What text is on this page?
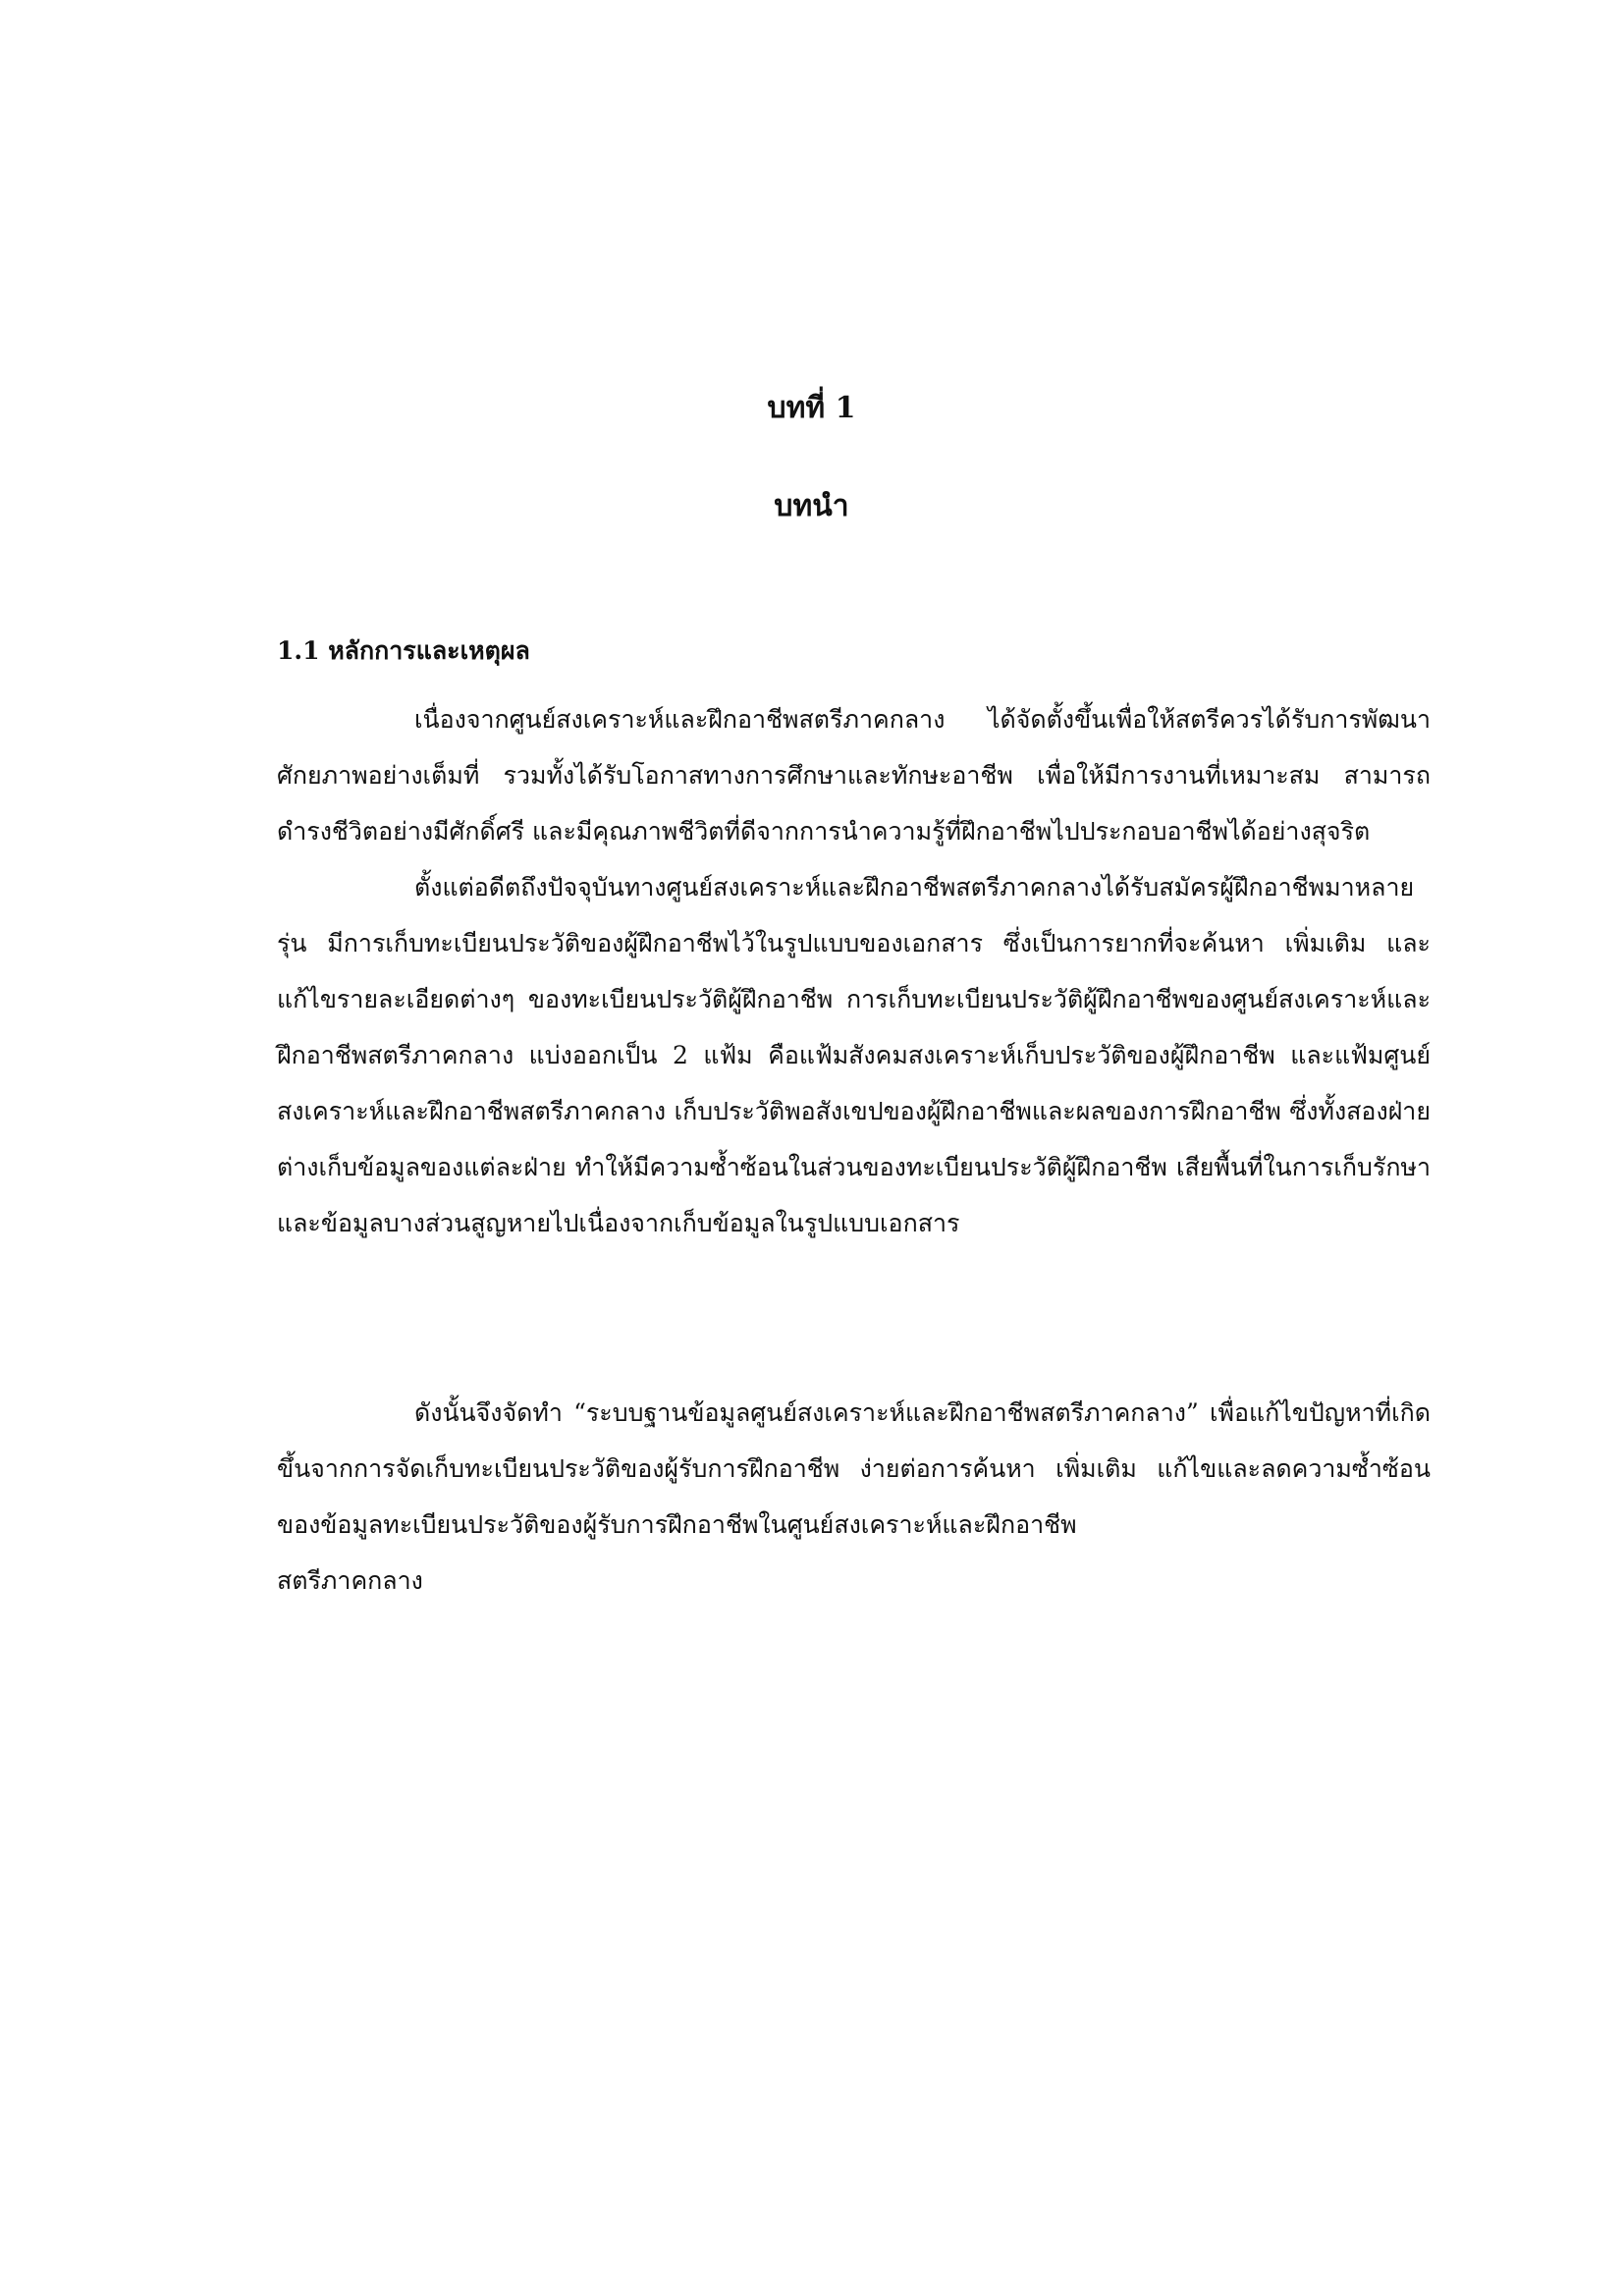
บทที่ 1
บทนำ
1.1 หลักการและเหตุผล

เนื่องจากศูนย์สงเคราะห์และฝึกอาชีพสตรีภาคกลาง ได้จัดตั้งขึ้นเพื่อให้สตรีควรได้รับการพัฒนาศักยภาพอย่างเต็มที่ รวมทั้งได้รับโอกาสทางการศึกษาและทักษะอาชีพ เพื่อให้มีการงานที่เหมาะสม สามารถดำรงชีวิตอย่างมีศักดิ์ศรี และมีคุณภาพชีวิตที่ดีจากการนำความรู้ที่ฝึกอาชีพไปประกอบอาชีพได้อย่างสุจริต

ตั้งแต่อดีตถึงปัจจุบันทางศูนย์สงเคราะห์และฝึกอาชีพสตรีภาคกลางได้รับสมัครผู้ฝึกอาชีพมาหลายรุ่น มีการเก็บทะเบียนประวัติของผู้ฝึกอาชีพไว้ในรูปแบบของเอกสาร ซึ่งเป็นการยากที่จะค้นหา เพิ่มเติม และแก้ไขรายละเอียดต่างๆ ของทะเบียนประวัติผู้ฝึกอาชีพ การเก็บทะเบียนประวัติผู้ฝึกอาชีพของศูนย์สงเคราะห์และฝึกอาชีพสตรีภาคกลาง แบ่งออกเป็น 2 แฟ้ม คือแฟ้มสังคมสงเคราะห์เก็บประวัติของผู้ฝึกอาชีพ และแฟ้มศูนย์สงเคราะห์และฝึกอาชีพสตรีภาคกลาง เก็บประวัติพอสังเขปของผู้ฝึกอาชีพและผลของการฝึกอาชีพ ซึ่งทั้งสองฝ่ายต่างเก็บข้อมูลของแต่ละฝ่าย ทำให้มีความซ้ำซ้อนในส่วนของทะเบียนประวัติผู้ฝึกอาชีพ เสียพื้นที่ในการเก็บรักษา และข้อมูลบางส่วนสูญหายไปเนื่องจากเก็บข้อมูลในรูปแบบเอกสาร

ดังนั้นจึงจัดทำ “ระบบฐานข้อมูลศูนย์สงเคราะห์และฝึกอาชีพสตรีภาคกลาง” เพื่อแก้ไขปัญหาที่เกิดขึ้นจากการจัดเก็บทะเบียนประวัติของผู้รับการฝึกอาชีพ ง่ายต่อการค้นหา เพิ่มเติม แก้ไขและลดความซ้ำซ้อนของข้อมูลทะเบียนประวัติของผู้รับการฝึกอาชีพในศูนย์สงเคราะห์และฝึกอาชีพ

สตรีภาคกลาง
